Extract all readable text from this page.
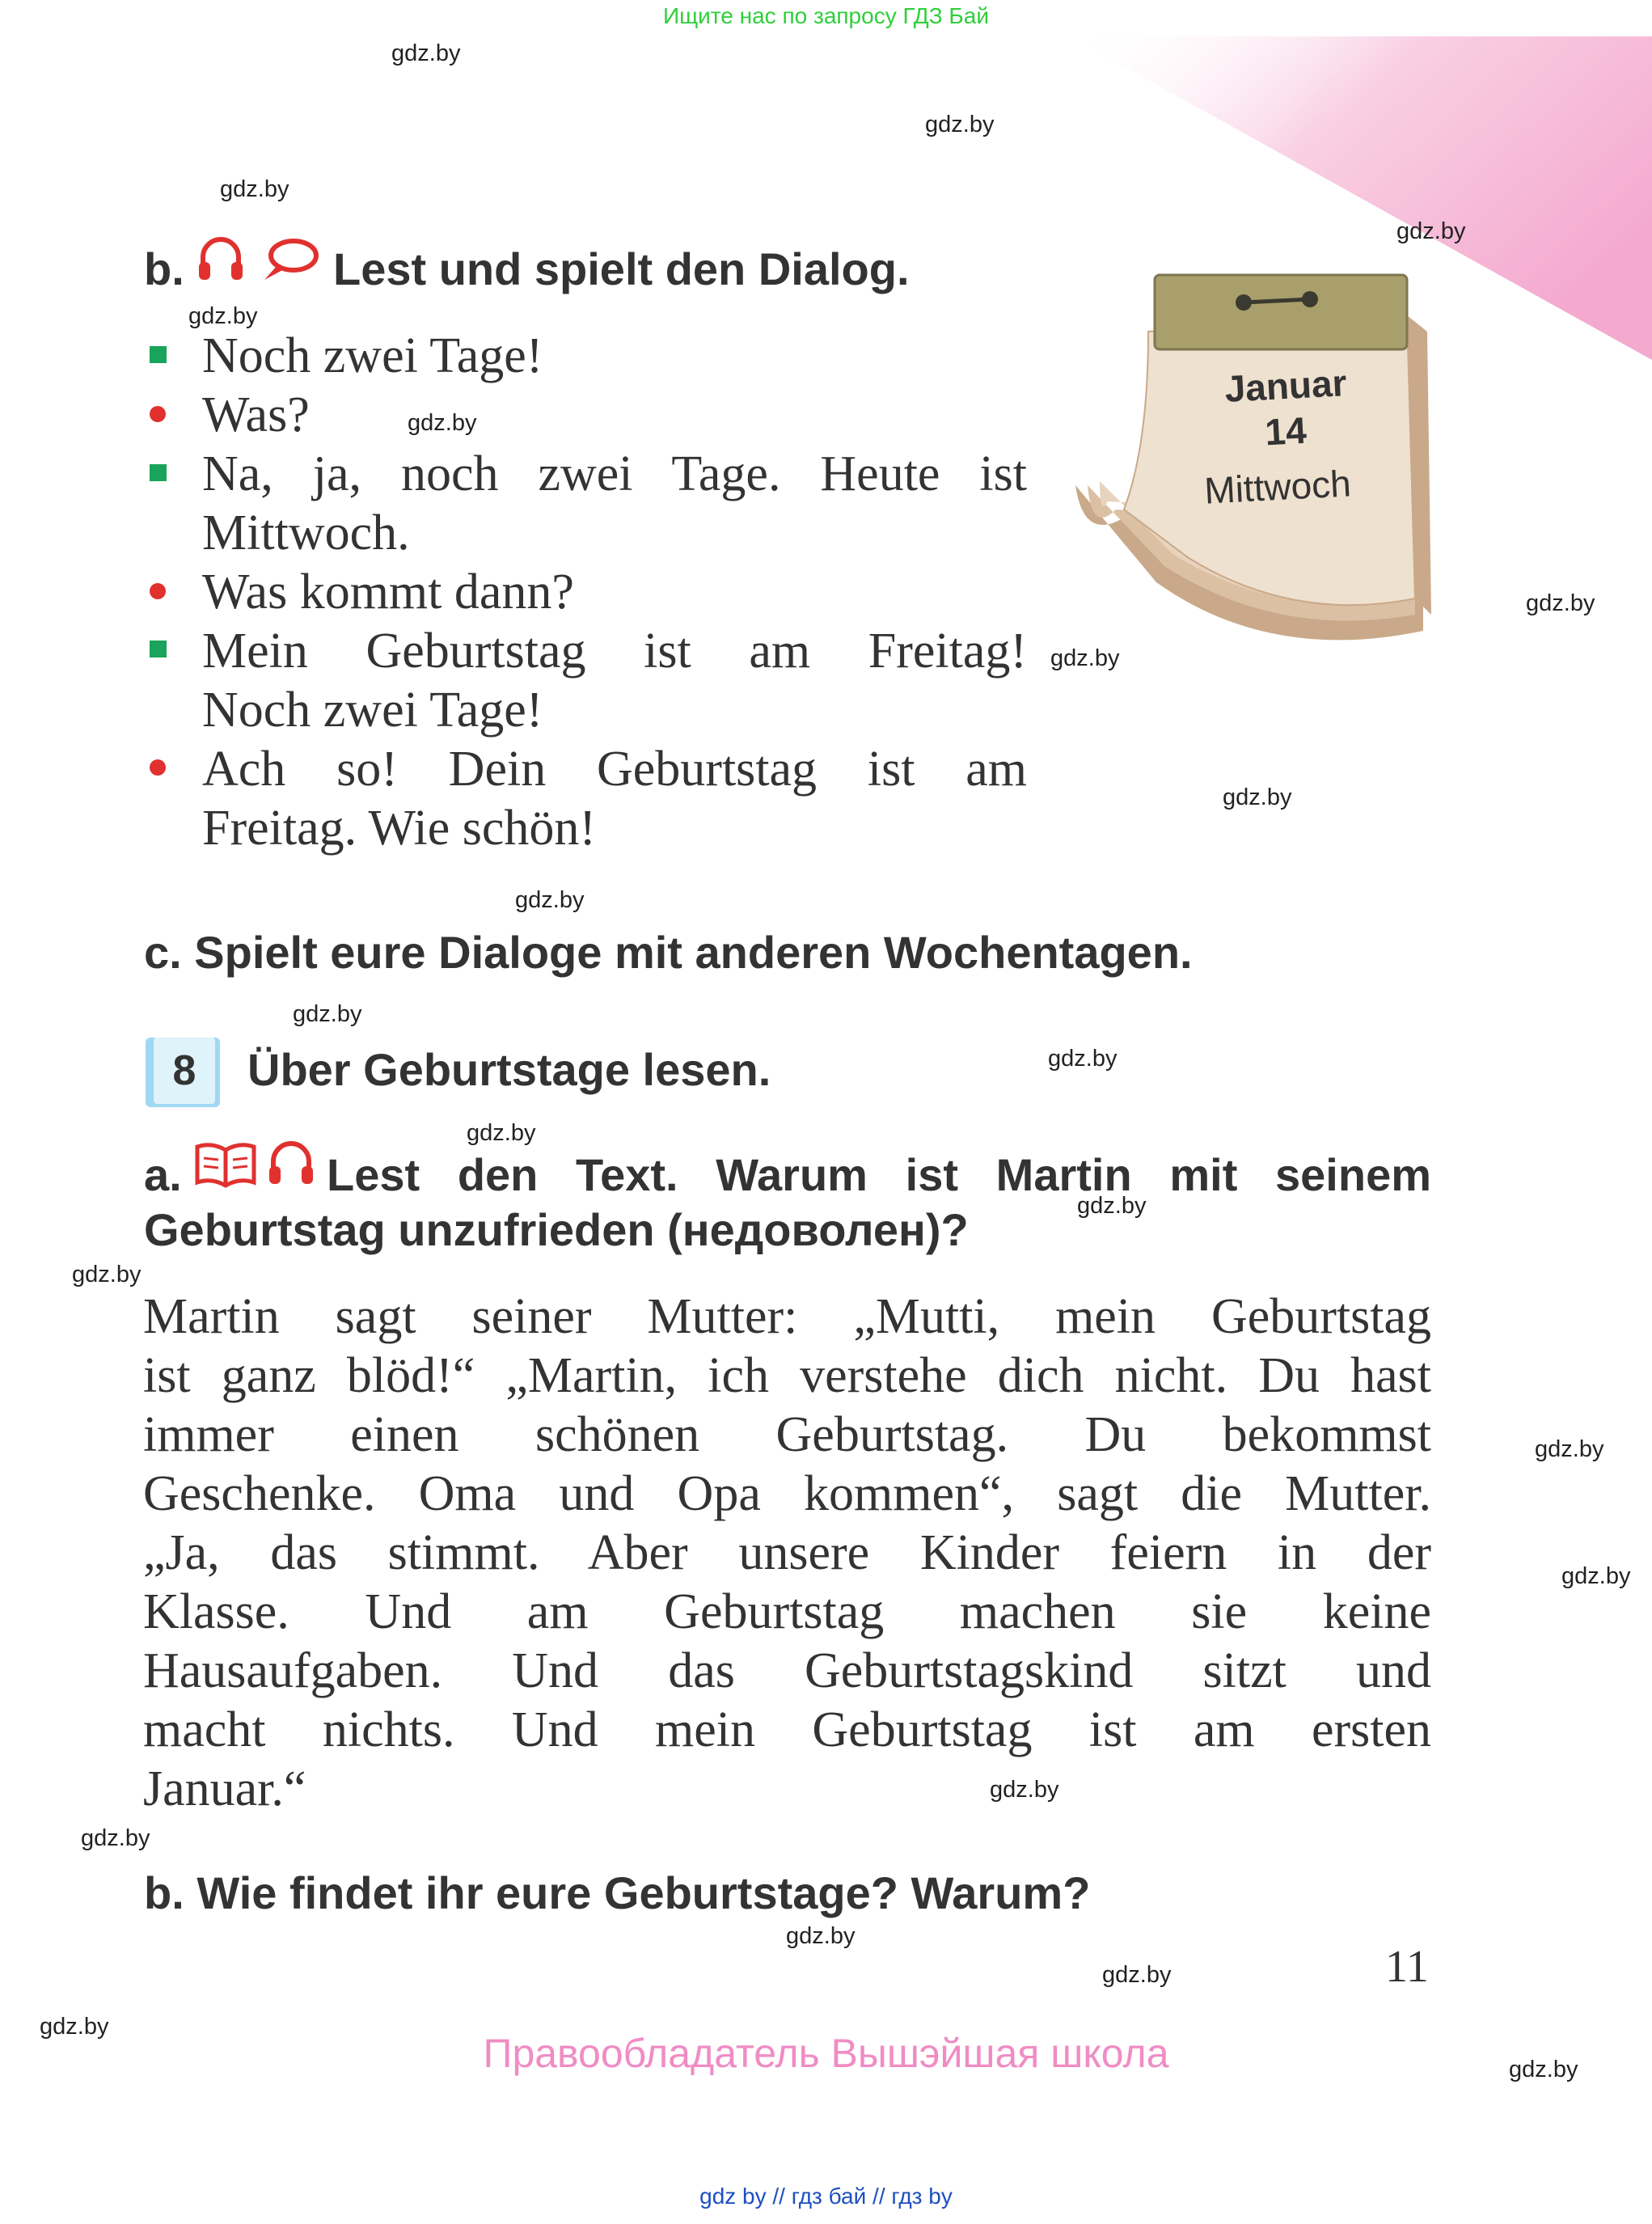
Ищите нас по запросу ГДЗ Бай
gdz.by
gdz.by
gdz.by
gdz.by
gdz.by
gdz.by
gdz.by
gdz.by
gdz.by
gdz.by
gdz.by
gdz.by
gdz.by
gdz.by
gdz.by
gdz.by
gdz.by
gdz.by
gdz.by
gdz.by
gdz.by
gdz.by
gdz.by
b.	Lest und spielt den Dialog.
Noch zwei Tage!
Was?
Na, ja, noch zwei Tage. Heute ist
Mittwoch.
Was kommt dann?
Mein Geburtstag ist am Freitag!
Noch zwei Tage!
Ach so! Dein Geburtstag ist am
Freitag. Wie schön!
Januar
14
Mittwoch
c. Spielt eure Dialoge mit anderen Wochentagen.
8	Über Geburtstage lesen.
a.	Lest den Text. Warum ist Martin mit seinem
Geburtstag unzufrieden (недоволен)?
Martin sagt seiner Mutter: „Mutti, mein Geburtstag
ist ganz blöd!“ „Martin, ich verstehe dich nicht. Du hast
immer einen schönen Geburtstag. Du bekommst
Geschenke. Oma und Opa kommen“, sagt die Mutter.
„Ja, das stimmt. Aber unsere Kinder feiern in der
Klasse. Und am Geburtstag machen sie keine
Hausaufgaben. Und das Geburtstagskind sitzt und
macht nichts. Und mein Geburtstag ist am ersten
Januar.“
b. Wie findet ihr eure Geburtstage? Warum?
11
Правообладатель Вышэйшая школа
gdz by // гдз бай // гдз by
